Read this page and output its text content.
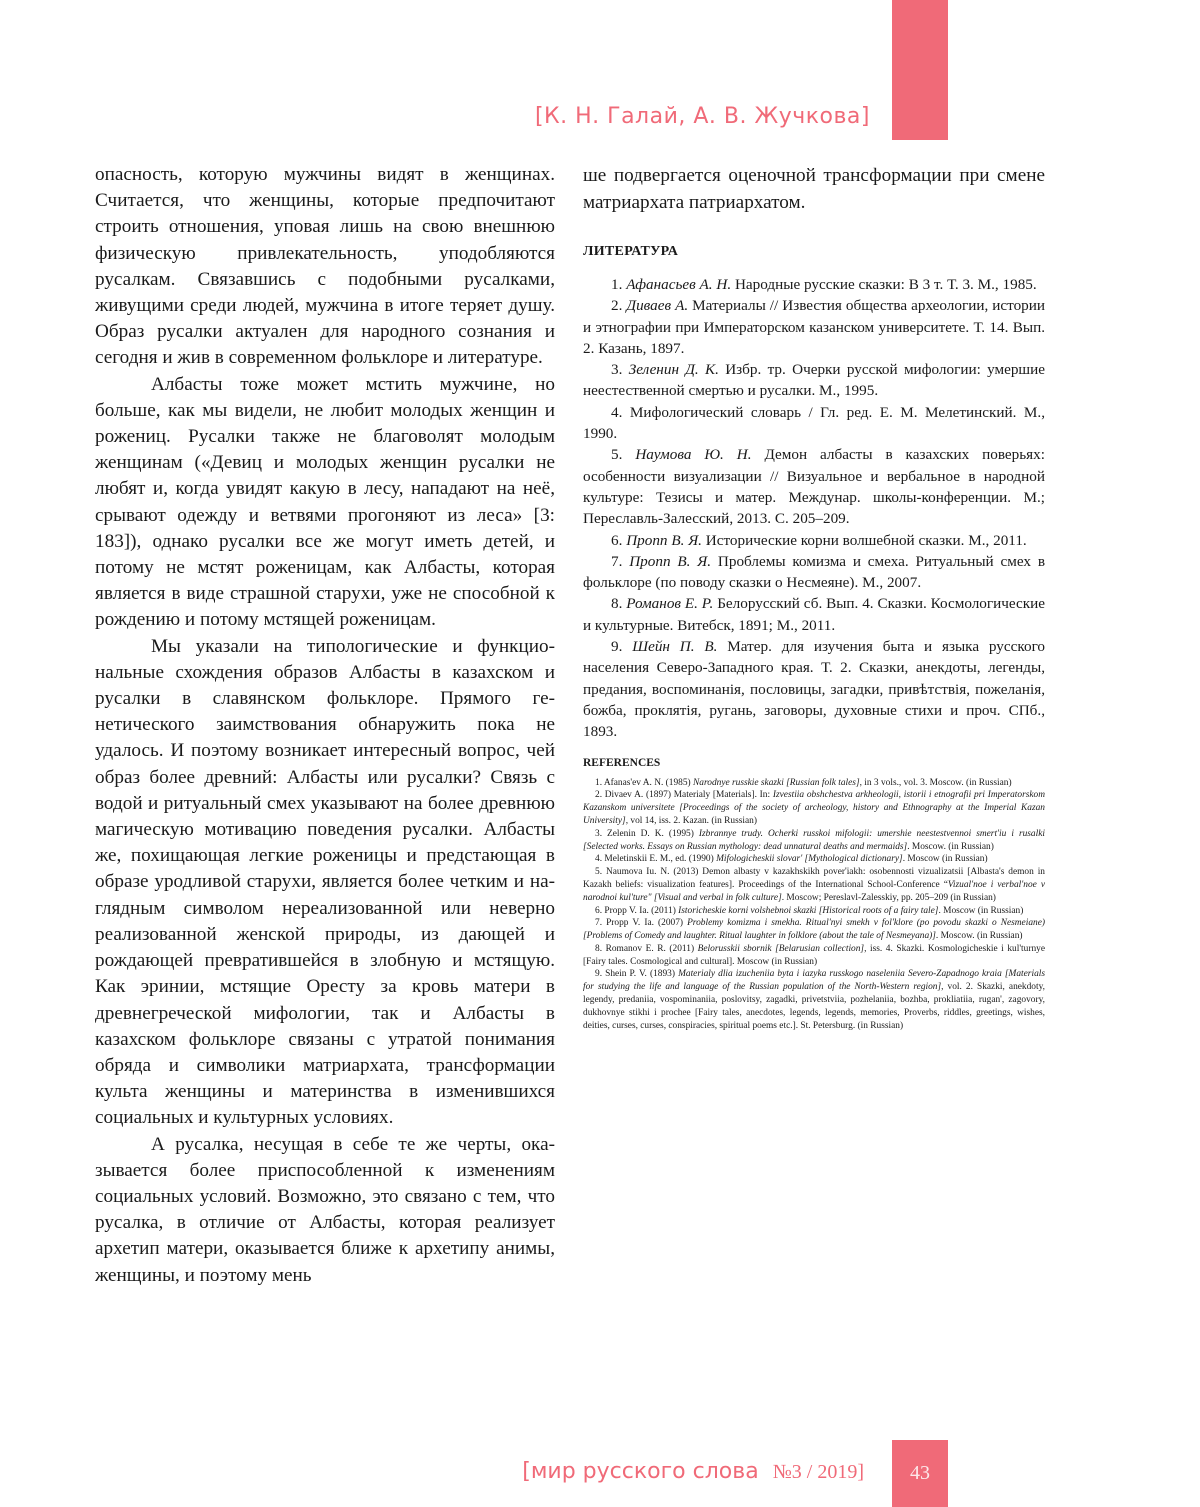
[К. Н. Галай, А. В. Жучкова]

опасность, которую мужчины видят в женщинах. Считается, что женщины, которые предпочитают строить отношения, уповая лишь на свою внешнюю физическую привлекательность, уподобляются русалкам. Связавшись с подобными русалками, живущими среди людей, мужчина в итоге теряет душу. Образ русалки актуален для народного сознания и сегодня и жив в современном фольклоре и литературе.

Албасты тоже может мстить мужчине, но больше, как мы видели, не любит молодых женщин и рожениц. Русалки также не благоволят молодым женщинам («Девиц и молодых женщин русалки не любят и, когда увидят какую в лесу, нападают на неё, срывают одежду и ветвями прогоняют из леса» [3: 183]), однако русалки все же могут иметь детей, и потому не мстят роженицам, как Албасты, которая является в виде страшной старухи, уже не способной к рождению и потому мстящей роженицам.

Мы указали на типологические и функциональные схождения образов Албасты в казахском и русалки в славянском фольклоре. Прямого генетического заимствования обнаружить пока не удалось. И поэтому возникает интересный вопрос, чей образ более древний: Албасты или русалки? Связь с водой и ритуальный смех указывают на более древнюю магическую мотивацию поведения русалки. Албасты же, похищающая легкие роженицы и предстающая в образе уродливой старухи, является более четким и наглядным символом нереализованной или неверно реализованной женской природы, из дающей и рождающей превратившейся в злобную и мстящую. Как эринии, мстящие Оресту за кровь матери в древнегреческой мифологии, так и Албасты в казахском фольклоре связаны с утратой понимания обряда и символики матриархата, трансформации культа женщины и материнства в изменившихся социальных и культурных условиях.

А русалка, несущая в себе те же черты, оказывается более приспособленной к изменениям социальных условий. Возможно, это связано с тем, что русалка, в отличие от Албасты, которая реализует архетип матери, оказывается ближе к архетипу анимы, женщины, и поэтому мень

ше подвергается оценочной трансформации при смене матриархата патриархатом.

ЛИТЕРАТУРА

1. Афанасьев А. Н. Народные русские сказки: В 3 т. Т. 3. М., 1985.

2. Диваев А. Материалы // Известия общества археологии, истории и этнографии при Императорском казанском университете. Т. 14. Вып. 2. Казань, 1897.

3. Зеленин Д. К. Избр. тр. Очерки русской мифологии: умершие неестественной смертью и русалки. М., 1995.

4. Мифологический словарь / Гл. ред. Е. М. Мелетинский. М., 1990.

5. Наумова Ю. Н. Демон албасты в казахских поверьях: особенности визуализации // Визуальное и вербальное в народной культуре: Тезисы и матер. Междунар. школы-конференции. М.; Переславль-Залесский, 2013. С. 205–209.

6. Пропп В. Я. Исторические корни волшебной сказки. М., 2011.

7. Пропп В. Я. Проблемы комизма и смеха. Ритуальный смех в фольклоре (по поводу сказки о Несмеяне). М., 2007.

8. Романов Е. Р. Белорусский сб. Вып. 4. Сказки. Космологические и культурные. Витебск, 1891; М., 2011.

9. Шейн П. В. Матер. для изучения быта и языка русского населения Северо-Западного края. Т. 2. Сказки, анекдоты, легенды, предания, воспоминанія, пословицы, загадки, привѣтствія, пожеланія, божба, проклятія, ругань, заговоры, духовные стихи и проч. СПб., 1893.

REFERENCES

1. Afanas'ev A. N. (1985) Narodnye russkie skazki [Russian folk tales], in 3 vols., vol. 3. Moscow. (in Russian)

2. Divaev A. (1897) Materialy [Materials]. In: Izvestiia obshchestva arkheologii, istorii i etnografii pri Imperatorskom Kazanskom universitete [Proceedings of the society of archeology, history and Ethnography at the Imperial Kazan University], vol 14, iss. 2. Kazan. (in Russian)

3. Zelenin D. K. (1995) Izbrannye trudy. Ocherki russkoi mifologii: umershie neestestvennoi smert'iu i rusalki [Selected works. Essays on Russian mythology: dead unnatural deaths and mermaids]. Moscow. (in Russian)

4. Meletinskii E. M., ed. (1990) Mifologicheskii slovar' [Mythological dictionary]. Moscow (in Russian)

5. Naumova Iu. N. (2013) Demon albasty v kazakhskikh pover'iakh: osobennosti vizualizatsii [Albasta's demon in Kazakh beliefs: visualization features]. Proceedings of the International School-Conference “Vizual'noe i verbal'noe v narodnoi kul'ture" [Visual and verbal in folk culture]. Moscow; Pereslavl-Zalesskiy, pp. 205–209 (in Russian)

6. Propp V. Ia. (2011) Istoricheskie korni volshebnoi skazki [Historical roots of a fairy tale]. Moscow (in Russian)

7. Propp V. Ia. (2007) Problemy komizma i smekha. Ritual'nyi smekh v fol'klore (po povodu skazki o Nesmeiane) [Problems of Comedy and laughter. Ritual laughter in folklore (about the tale of Nesmeyana)]. Moscow. (in Russian)

8. Romanov E. R. (2011) Belorusskii sbornik [Belarusian collection], iss. 4. Skazki. Kosmologicheskie i kul'turnye [Fairy tales. Cosmological and cultural]. Moscow (in Russian)

9. Shein P. V. (1893) Materialy dlia izucheniia byta i iazyka russkogo naseleniia Severo-Zapadnogo kraia [Materials for studying the life and language of the Russian population of the North-Western region], vol. 2. Skazki, anekdoty, legendy, predaniia, vospominaniia, poslovitsy, zagadki, privetstviia, pozhelaniia, bozhba, prokliatiia, rugan', zagovory, dukhovnye stikhi i prochee [Fairy tales, anecdotes, legends, legends, memories, Proverbs, riddles, greetings, wishes, deities, curses, curses, conspiracies, spiritual poems etc.]. St. Petersburg. (in Russian)

[мир русского слова №3 / 2019]	43
